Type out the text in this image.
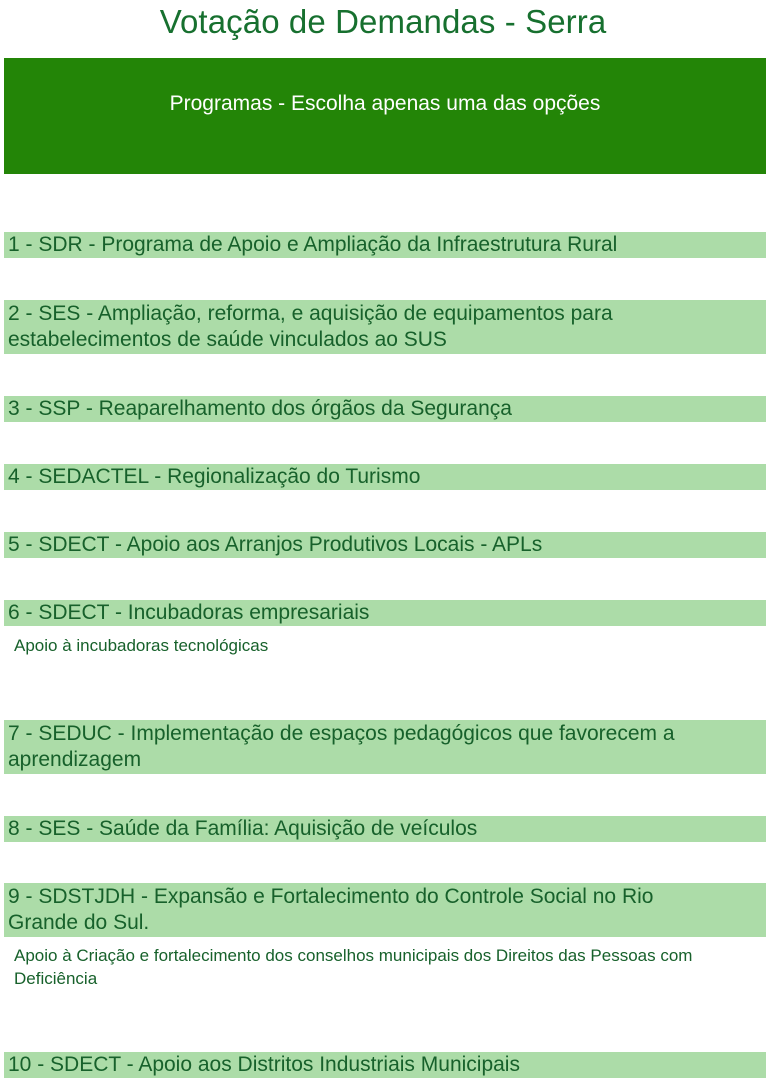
Votação de Demandas - Serra
Programas - Escolha apenas uma das opções
1 - SDR - Programa de Apoio e Ampliação da Infraestrutura Rural
2 - SES - Ampliação, reforma, e aquisição de equipamentos para estabelecimentos de saúde vinculados ao SUS
3 - SSP - Reaparelhamento dos órgãos da Segurança
4 - SEDACTEL - Regionalização do Turismo
5 - SDECT - Apoio aos Arranjos Produtivos Locais - APLs
6 - SDECT - Incubadoras empresariais
Apoio à incubadoras tecnológicas
7 - SEDUC - Implementação de espaços pedagógicos que favorecem a aprendizagem
8 - SES - Saúde da Família: Aquisição de veículos
9 - SDSTJDH - Expansão e Fortalecimento do Controle Social no Rio Grande do Sul.
Apoio à Criação e fortalecimento dos conselhos municipais dos Direitos das Pessoas com Deficiência
10 - SDECT - Apoio aos Distritos Industriais Municipais
